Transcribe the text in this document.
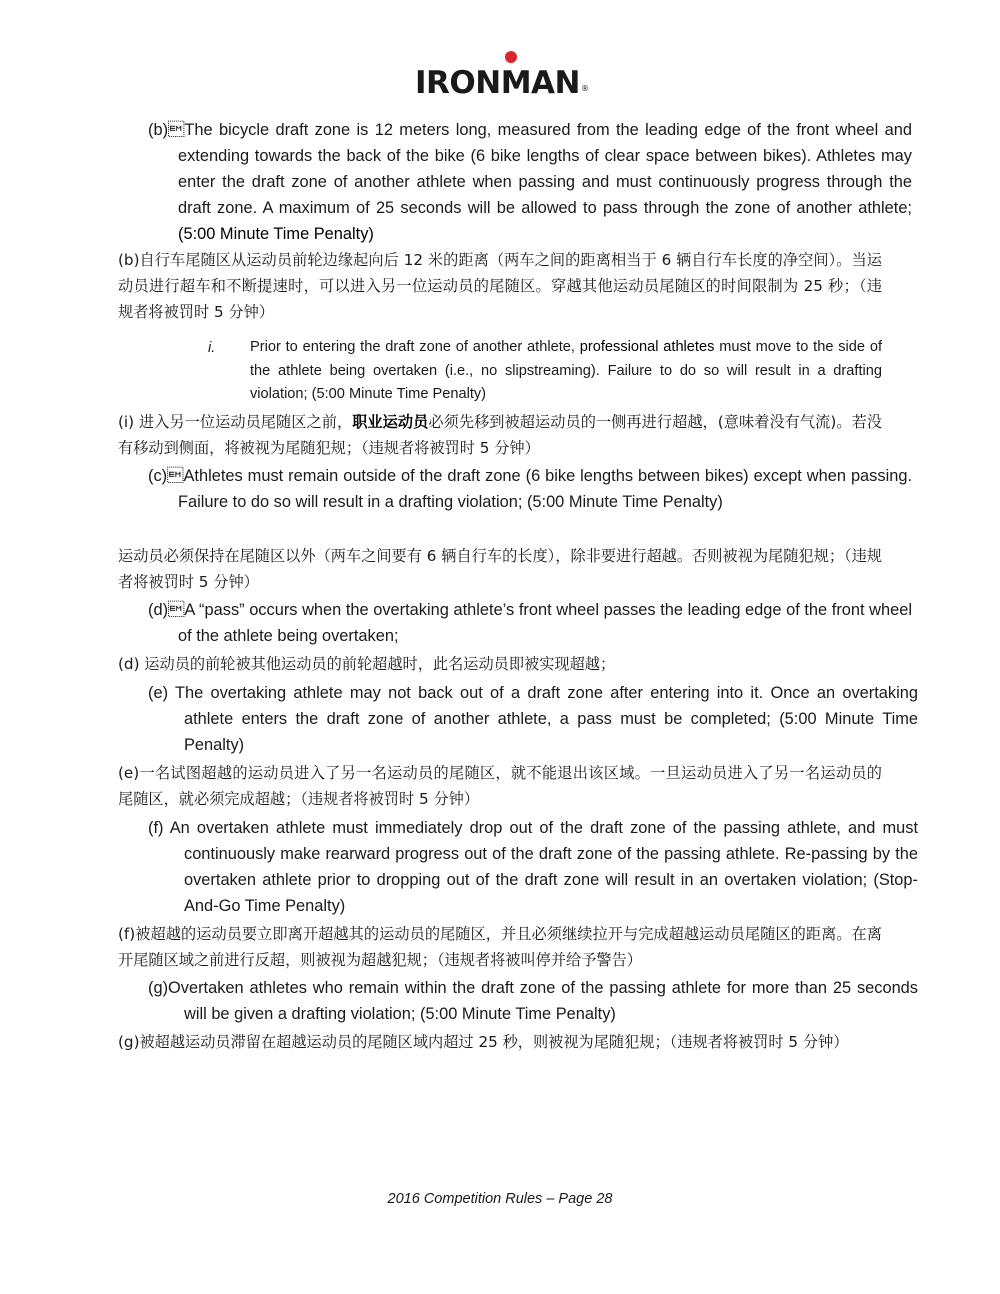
IRONMAN ®
(b)The bicycle draft zone is 12 meters long, measured from the leading edge of the front wheel and extending towards the back of the bike (6 bike lengths of clear space between bikes). Athletes may enter the draft zone of another athlete when passing and must continuously progress through the draft zone. A maximum of 25 seconds will be allowed to pass through the zone of another athlete; (5:00 Minute Time Penalty)
(b)自行车尾随区从运动员前轮边缘起向后 12 米的距离（两车之间的距离相当于 6 辆自行车长度的净空间）。当运动员进行超车和不断提速时，可以进入另一位运动员的尾随区。穿越其他运动员尾随区的时间限制为 25 秒；（违规者将被罚时 5 分钟）
i. Prior to entering the draft zone of another athlete, professional athletes must move to the side of the athlete being overtaken (i.e., no slipstreaming). Failure to do so will result in a drafting violation; (5:00 Minute Time Penalty)
(i) 进入另一位运动员尾随区之前，职业运动员必须先移到被超运动员的一侧再进行超越，(意味着没有气流)。若没有移动到侧面，将被视为尾随犯规；（违规者将被罚时 5 分钟）
(c)Athletes must remain outside of the draft zone (6 bike lengths between bikes) except when passing. Failure to do so will result in a drafting violation; (5:00 Minute Time Penalty)
运动员必须保持在尾随区以外（两车之间要有 6 辆自行车的长度），除非要进行超越。否则被视为尾随犯规；（违规者将被罚时 5 分钟）
(d)A “pass” occurs when the overtaking athlete’s front wheel passes the leading edge of the front wheel of the athlete being overtaken;
(d) 运动员的前轮被其他运动员的前轮超越时，此名运动员即被实现超越；
(e) The overtaking athlete may not back out of a draft zone after entering into it. Once an overtaking athlete enters the draft zone of another athlete, a pass must be completed; (5:00 Minute Time Penalty)
(e)一名试图超越的运动员进入了另一名运动员的尾随区，就不能退出该区域。一旦运动员进入了另一名运动员的尾随区，就必须完成超越；（违规者将被罚时 5 分钟）
(f) An overtaken athlete must immediately drop out of the draft zone of the passing athlete, and must continuously make rearward progress out of the draft zone of the passing athlete. Re-passing by the overtaken athlete prior to dropping out of the draft zone will result in an overtaken violation; (Stop-And-Go Time Penalty)
(f)被超越的运动员要立即离开超越其的运动员的尾随区，并且必须继续拉开与完成超越运动员尾随区的距离。在离开尾随区域之前进行反超，则被视为超越犯规；（违规者将被叫停并给予警告）
(g)Overtaken athletes who remain within the draft zone of the passing athlete for more than 25 seconds will be given a drafting violation; (5:00 Minute Time Penalty)
(g)被超越运动员滞留在超越运动员的尾随区域内超过 25 秒，则被视为尾随犯规；（违规者将被罚时 5 分钟）
2016 Competition Rules – Page 28
